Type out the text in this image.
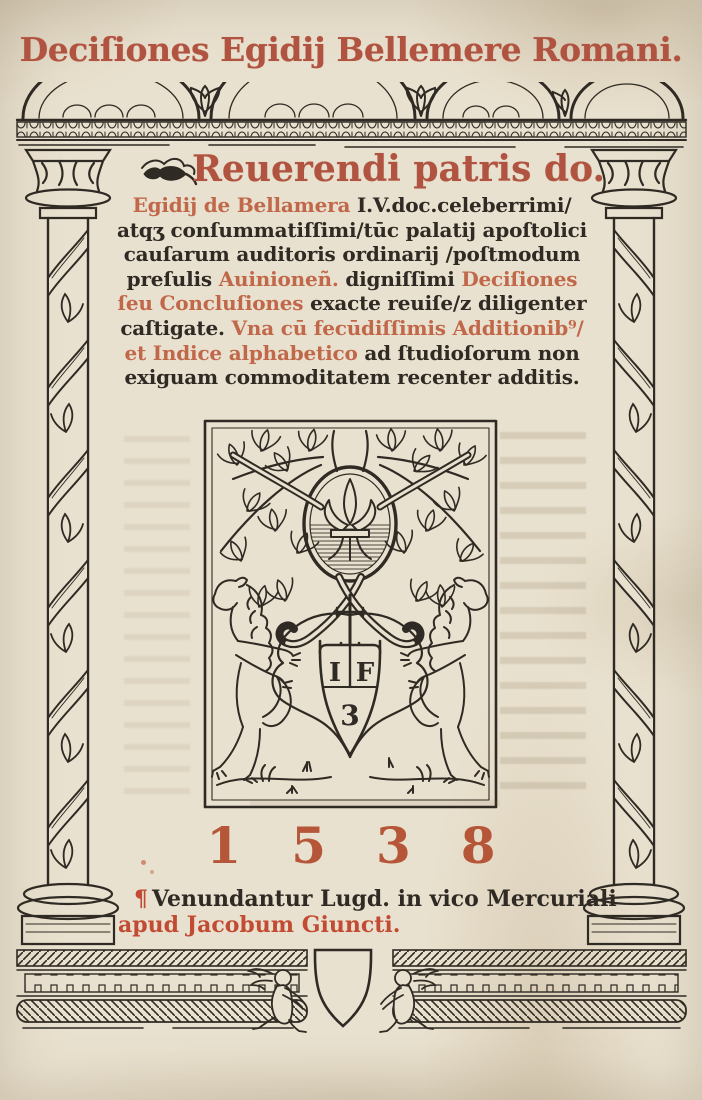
Deciſiones Egidij Bellemere Romani.
Reuerendi patris do.
Egidij de Bellamera I.V.doc.celeberrimi/
atqʒ conſummatiſſimi/tūc palatij apoſtolici
cauſarum auditoris ordinarij /poſtmodum
preſulis Auinioneñ. digniſſimi Deciſiones
ſeu Concluſiones exacte reuiſe/z diligenter
caſtigate. Vna cū fecūdiſſimis Additionib⁹/
et Indice alphabetico ad ſtudioſorum non
exiguam commoditatem recenter additis.
I F
3
1 5 3 8
¶ Venundantur Lugd. in vico Mercuriali
apud Jacobum Giuncti.
